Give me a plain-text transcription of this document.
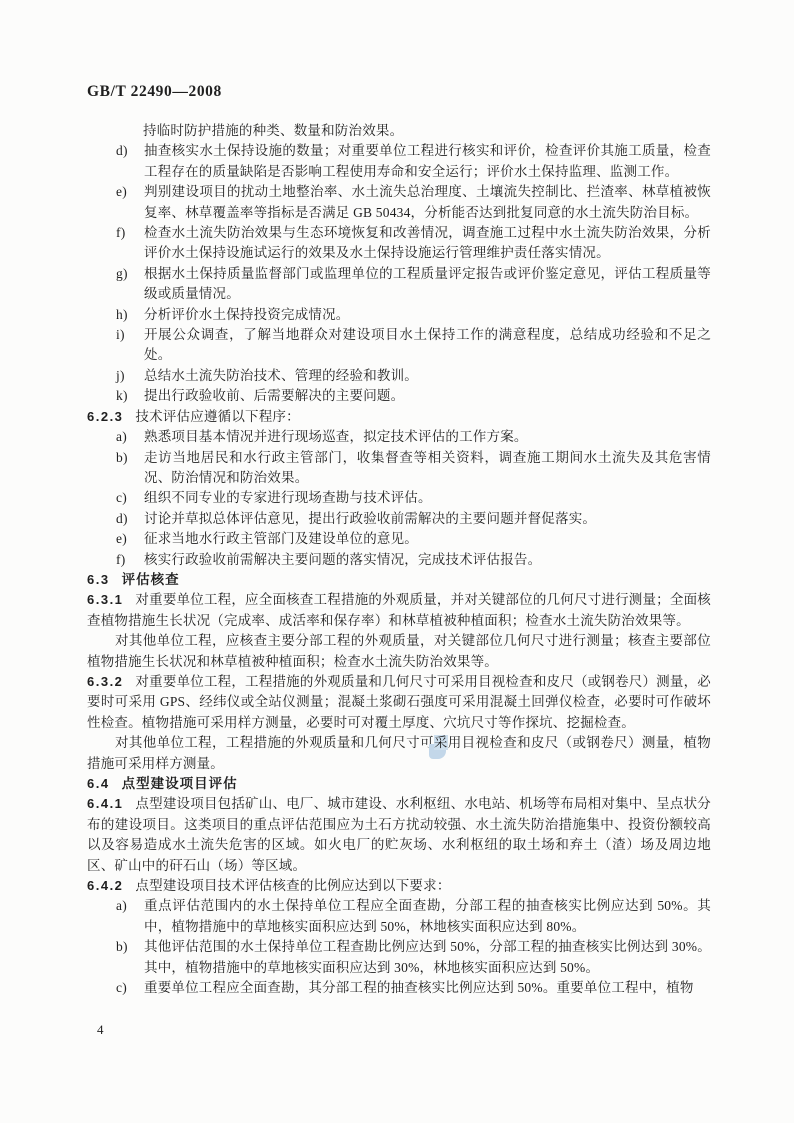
GB/T 22490—2008

持临时防护措施的种类、数量和防治效果。

d) 抽查核实水土保持设施的数量；对重要单位工程进行核实和评价，检查评价其施工质量，检查工程存在的质量缺陷是否影响工程使用寿命和安全运行；评价水土保持监理、监测工作。
e) 判别建设项目的扰动土地整治率、水土流失总治理度、土壤流失控制比、拦渣率、林草植被恢复率、林草覆盖率等指标是否满足 GB 50434，分析能否达到批复同意的水土流失防治目标。
f) 检查水土流失防治效果与生态环境恢复和改善情况，调查施工过程中水土流失防治效果，分析评价水土保持设施试运行的效果及水土保持设施运行管理维护责任落实情况。
g) 根据水土保持质量监督部门或监理单位的工程质量评定报告或评价鉴定意见，评估工程质量等级或质量情况。
h) 分析评价水土保持投资完成情况。
i) 开展公众调查，了解当地群众对建设项目水土保持工作的满意程度，总结成功经验和不足之处。
j) 总结水土流失防治技术、管理的经验和教训。
k) 提出行政验收前、后需要解决的主要问题。
6.2.3 技术评估应遵循以下程序：
a) 熟悉项目基本情况并进行现场巡查，拟定技术评估的工作方案。
b) 走访当地居民和水行政主管部门，收集督查等相关资料，调查施工期间水土流失及其危害情况、防治情况和防治效果。
c) 组织不同专业的专家进行现场查勘与技术评估。
d) 讨论并草拟总体评估意见，提出行政验收前需解决的主要问题并督促落实。
e) 征求当地水行政主管部门及建设单位的意见。
f) 核实行政验收前需解决主要问题的落实情况，完成技术评估报告。
6.3 评估核查

6.3.1 对重要单位工程，应全面核查工程措施的外观质量，并对关键部位的几何尺寸进行测量；全面核查植物措施生长状况（完成率、成活率和保存率）和林草植被种植面积；检查水土流失防治效果等。

对其他单位工程，应核查主要分部工程的外观质量，对关键部位几何尺寸进行测量；核查主要部位植物措施生长状况和林草植被种植面积；检查水土流失防治效果等。

6.3.2 对重要单位工程，工程措施的外观质量和几何尺寸可采用目视检查和皮尺（或钢卷尺）测量，必要时可采用 GPS、经纬仪或全站仪测量；混凝土浆砌石强度可采用混凝土回弹仪检查，必要时可作破坏性检查。植物措施可采用样方测量，必要时可对覆土厚度、穴坑尺寸等作探坑、挖掘检查。

对其他单位工程，工程措施的外观质量和几何尺寸可采用目视检查和皮尺（或钢卷尺）测量，植物措施可采用样方测量。

6.4 点型建设项目评估

6.4.1 点型建设项目包括矿山、电厂、城市建设、水利枢纽、水电站、机场等布局相对集中、呈点状分布的建设项目。这类项目的重点评估范围应为土石方扰动较强、水土流失防治措施集中、投资份额较高以及容易造成水土流失危害的区域。如火电厂的贮灰场、水利枢纽的取土场和弃土（渣）场及周边地区、矿山中的矸石山（场）等区域。

6.4.2 点型建设项目技术评估核查的比例应达到以下要求：
a) 重点评估范围内的水土保持单位工程应全面查勘，分部工程的抽查核实比例应达到 50%。其中，植物措施中的草地核实面积应达到 50%，林地核实面积应达到 80%。
b) 其他评估范围的水土保持单位工程查勘比例应达到 50%，分部工程的抽查核实比例达到 30%。其中，植物措施中的草地核实面积应达到 30%，林地核实面积应达到 50%。
c) 重要单位工程应全面查勘，其分部工程的抽查核实比例应达到 50%。重要单位工程中，植物
4
